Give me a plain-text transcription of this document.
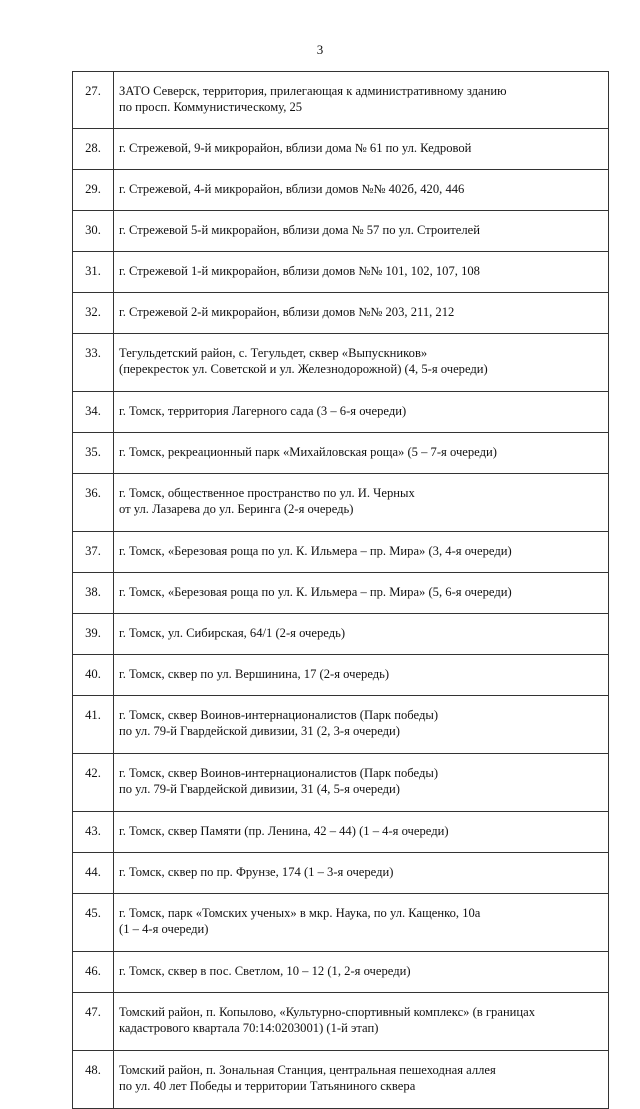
3
27.	ЗАТО Северск, территория, прилегающая к административному зданию
по просп. Коммунистическому, 25
28.	г. Стрежевой, 9-й микрорайон, вблизи дома № 61 по ул. Кедровой
29.	г. Стрежевой, 4-й микрорайон, вблизи домов №№ 402б, 420, 446
30.	г. Стрежевой 5-й микрорайон, вблизи дома № 57 по ул. Строителей
31.	г. Стрежевой 1-й микрорайон, вблизи домов №№ 101, 102, 107, 108
32.	г. Стрежевой 2-й микрорайон, вблизи домов №№ 203, 211, 212
33.	Тегульдетский район, с. Тегульдет, сквер «Выпускников»
(перекресток ул. Советской и ул. Железнодорожной) (4, 5-я очереди)
34.	г. Томск, территория Лагерного сада (3 – 6-я очереди)
35.	г. Томск, рекреационный парк «Михайловская роща» (5 – 7-я очереди)
36.	г. Томск, общественное пространство по ул. И. Черных
от ул. Лазарева до ул. Беринга (2-я очередь)
37.	г. Томск, «Березовая роща по ул. К. Ильмера – пр. Мира» (3, 4-я очереди)
38.	г. Томск, «Березовая роща по ул. К. Ильмера – пр. Мира» (5, 6-я очереди)
39.	г. Томск, ул. Сибирская, 64/1 (2-я очередь)
40.	г. Томск, сквер по ул. Вершинина, 17 (2-я очередь)
41.	г. Томск, сквер Воинов-интернационалистов (Парк победы)
по ул. 79-й Гвардейской дивизии, 31 (2, 3-я очереди)
42.	г. Томск, сквер Воинов-интернационалистов (Парк победы)
по ул. 79-й Гвардейской дивизии, 31 (4, 5-я очереди)
43.	г. Томск, сквер Памяти (пр. Ленина, 42 – 44) (1 – 4-я очереди)
44.	г. Томск, сквер по пр. Фрунзе, 174 (1 – 3-я очереди)
45.	г. Томск, парк «Томских ученых» в мкр. Наука, по ул. Кащенко, 10а
(1 – 4-я очереди)
46.	г. Томск, сквер в пос. Светлом, 10 – 12 (1, 2-я очереди)
47.	Томский район, п. Копылово, «Культурно-спортивный комплекс» (в границах
кадастрового квартала 70:14:0203001) (1-й этап)
48.	Томский район, п. Зональная Станция, центральная пешеходная аллея
по ул. 40 лет Победы и территории Татьяниного сквера
